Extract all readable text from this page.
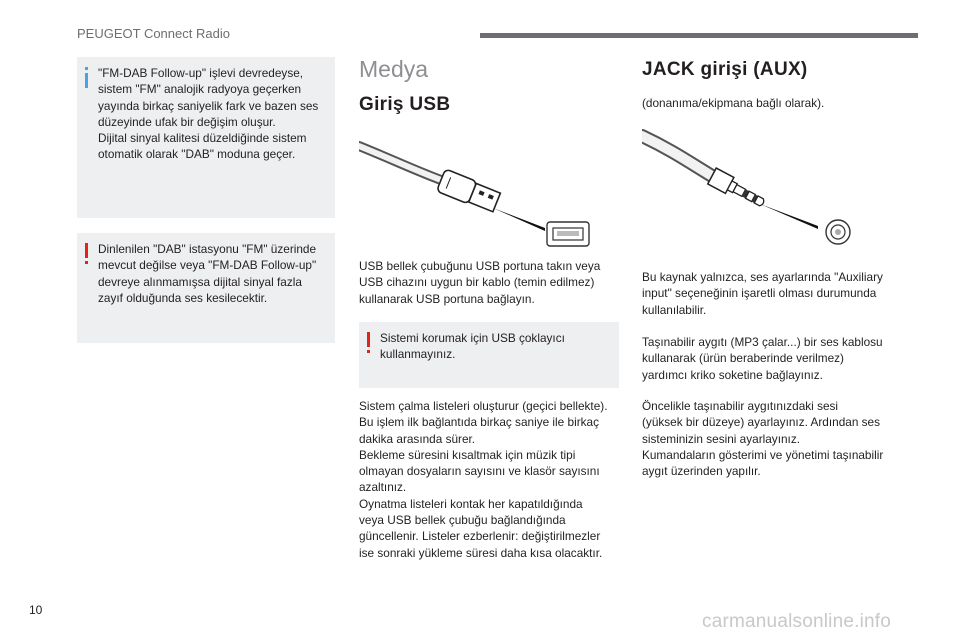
PEUGEOT Connect Radio

"FM-DAB Follow-up" işlevi devredeyse,

sistem "FM" analojik radyoya geçerken

yayında birkaç saniyelik fark ve bazen ses

düzeyinde ufak bir değişim oluşur.

Dijital sinyal kalitesi düzeldiğinde sistem

otomatik olarak "DAB" moduna geçer.

Dinlenilen "DAB" istasyonu "FM" üzerinde

mevcut değilse veya "FM-DAB Follow-up"

devreye alınmamışsa dijital sinyal fazla

zayıf olduğunda ses kesilecektir.

Medya
Giriş USB

USB bellek çubuğunu USB portuna takın veya
USB cihazını uygun bir kablo (temin edilmez)
kullanarak USB portuna bağlayın.

Sistemi korumak için USB çoklayıcı

kullanmayınız.

Sistem çalma listeleri oluşturur (geçici bellekte).
Bu işlem ilk bağlantıda birkaç saniye ile birkaç
dakika arasında sürer.
Bekleme süresini kısaltmak için müzik tipi
olmayan dosyaların sayısını ve klasör sayısını
azaltınız.
Oynatma listeleri kontak her kapatıldığında
veya USB bellek çubuğu bağlandığında
güncellenir. Listeler ezberlenir: değiştirilmezler
ise sonraki yükleme süresi daha kısa olacaktır.

JACK girişi (AUX)

(donanıma/ekipmana bağlı olarak).

Bu kaynak yalnızca, ses ayarlarında "Auxiliary
input" seçeneğinin işaretli olması durumunda
kullanılabilir.

Taşınabilir aygıtı (MP3 çalar...) bir ses kablosu
kullanarak (ürün beraberinde verilmez)
yardımcı kriko soketine bağlayınız.

Öncelikle taşınabilir aygıtınızdaki sesi
(yüksek bir düzeye) ayarlayınız. Ardından ses
sisteminizin sesini ayarlayınız.
Kumandaların gösterimi ve yönetimi taşınabilir
aygıt üzerinden yapılır.

10
carmanualsonline.info
